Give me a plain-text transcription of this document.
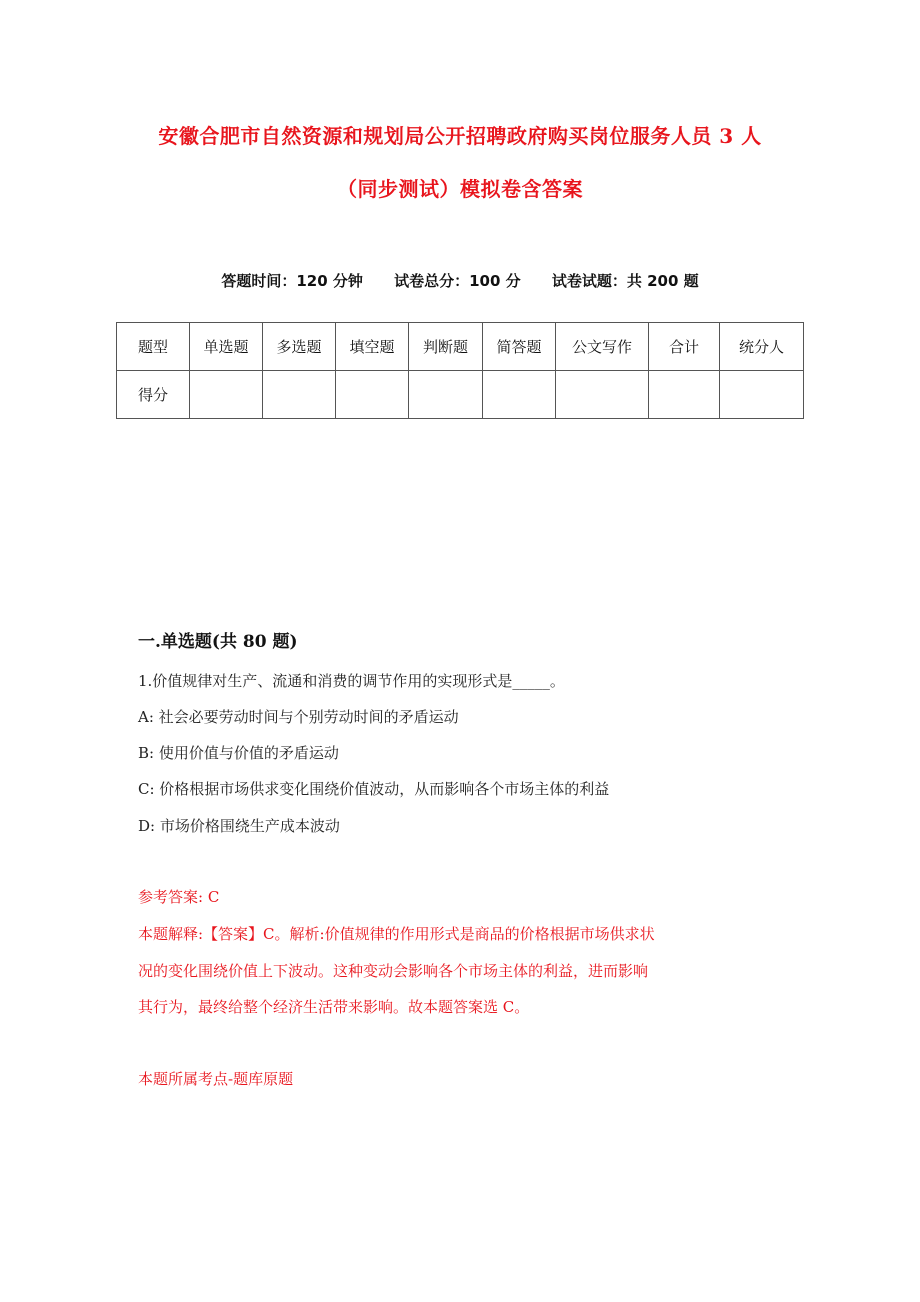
安徽合肥市自然资源和规划局公开招聘政府购买岗位服务人员 3 人
（同步测试）模拟卷含答案
答题时间：120 分钟 试卷总分：100 分 试卷试题：共 200 题
题型	单选题	多选题	填空题	判断题	简答题	公文写作	合计	统分人
得分								
一.单选题(共 80 题)
1.价值规律对生产、流通和消费的调节作用的实现形式是_____。
A: 社会必要劳动时间与个别劳动时间的矛盾运动
B: 使用价值与价值的矛盾运动
C: 价格根据市场供求变化围绕价值波动，从而影响各个市场主体的利益
D: 市场价格围绕生产成本波动
参考答案: C
本题解释:【答案】C。解析:价值规律的作用形式是商品的价格根据市场供求状
况的变化围绕价值上下波动。这种变动会影响各个市场主体的利益，进而影响
其行为，最终给整个经济生活带来影响。故本题答案选 C。
本题所属考点-题库原题
